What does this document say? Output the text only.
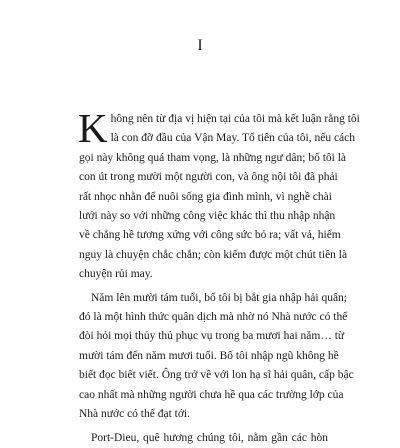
I

K hông nên từ địa vị hiện tại của tôi mà kết luận rằng tôi
là con đỡ đầu của Vận May. Tổ tiên của tôi, nếu cách
gọi này không quá tham vọng, là những ngư dân; bố tôi là
con út trong mười một người con, và ông nội tôi đã phải
rất nhọc nhằn để nuôi sống gia đình mình, vì nghề chài
lưới này so với những công việc khác thì thu nhập nhận
về chẳng hề tương xứng với công sức bỏ ra; vất vả, hiểm
nguy là chuyện chắc chắn; còn kiếm được một chút tiền là
chuyện rủi may.

Năm lên mười tám tuổi, bố tôi bị bắt gia nhập hải quân;
đó là một hình thức quân dịch mà nhờ nó Nhà nước có thể
đòi hỏi mọi thủy thủ phục vụ trong ba mươi hai năm… từ
mười tám đến năm mươi tuổi. Bố tôi nhập ngũ không hề
biết đọc biết viết. Ông trở về với lon hạ sĩ hải quân, cấp bậc
cao nhất mà những người chưa hề qua các trường lớp của
Nhà nước có thể đạt tới.

Port-Dieu, quê hương chúng tôi, nằm gần các hòn
